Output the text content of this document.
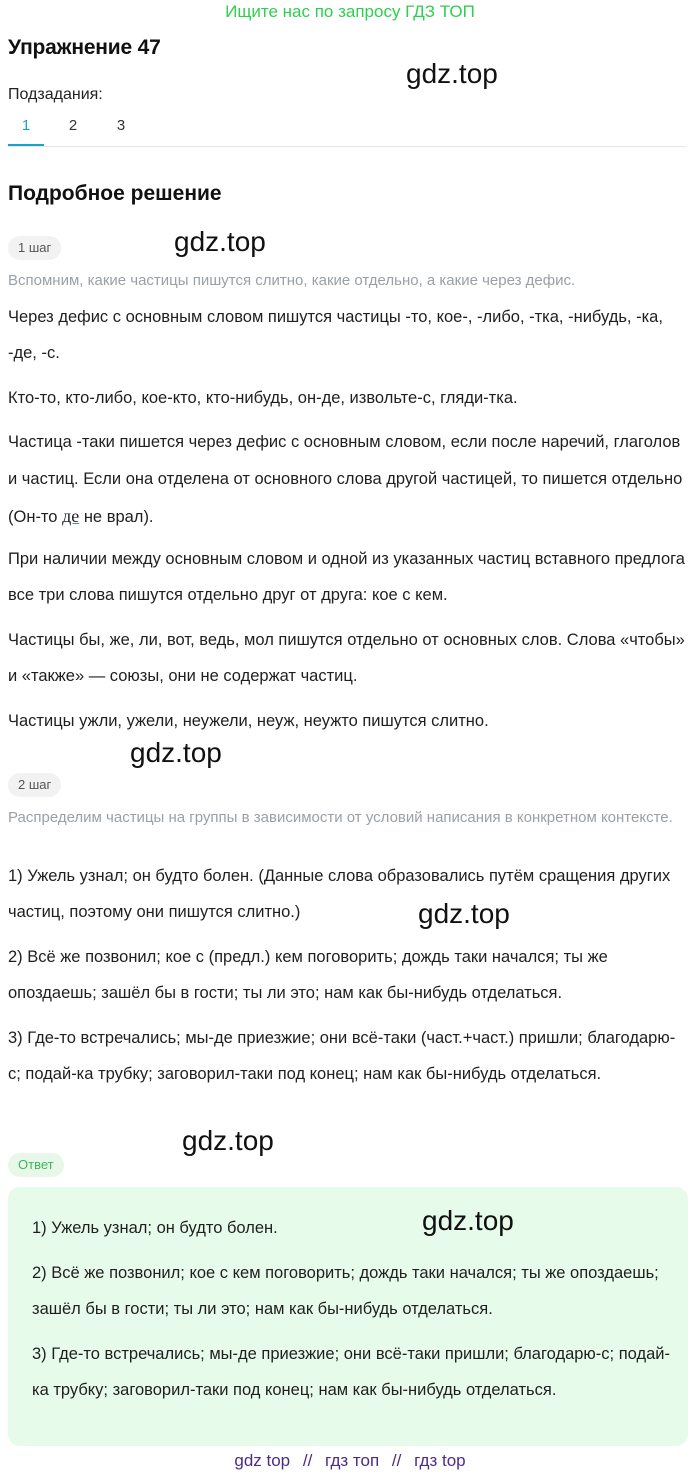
Ищите нас по запросу ГДЗ ТОП
Упражнение 47
gdz.top
Подзадания:
1	2	3
Подробное решение
1 шаг	gdz.top
Вспомним, какие частицы пишутся слитно, какие отдельно, а какие через дефис.
Через дефис с основным словом пишутся частицы -то, кое-, -либо, -тка, -нибудь, -ка, -де, -с.
Кто-то, кто-либо, кое-кто, кто-нибудь, он-де, извольте-с, гляди-тка.
Частица -таки пишется через дефис с основным словом, если после наречий, глаголов и частиц. Если она отделена от основного слова другой частицей, то пишется отдельно (Он-то де не врал).
При наличии между основным словом и одной из указанных частиц вставного предлога все три слова пишутся отдельно друг от друга: кое с кем.
Частицы бы, же, ли, вот, ведь, мол пишутся отдельно от основных слов. Слова «чтобы» и «также» — союзы, они не содержат частиц.
Частицы ужли, ужели, неужели, неуж, неужто пишутся слитно.
gdz.top
2 шаг
Распределим частицы на группы в зависимости от условий написания в конкретном контексте.
1) Ужель узнал; он будто болен. (Данные слова образовались путём сращения других частиц, поэтому они пишутся слитно.)	gdz.top
2) Всё же позвонил; кое с (предл.) кем поговорить; дождь таки начался; ты же опоздаешь; зашёл бы в гости; ты ли это; нам как бы-нибудь отделаться.
3) Где-то встречались; мы-де приезжие; они всё-таки (част.+част.) пришли; благодарю-с; подай-ка трубку; заговорил-таки под конец; нам как бы-нибудь отделаться.
gdz.top
Ответ
1) Ужель узнал; он будто болен.	gdz.top
2) Всё же позвонил; кое с кем поговорить; дождь таки начался; ты же опоздаешь; зашёл бы в гости; ты ли это; нам как бы-нибудь отделаться.
3) Где-то встречались; мы-де приезжие; они всё-таки пришли; благодарю-с; подай-ка трубку; заговорил-таки под конец; нам как бы-нибудь отделаться.
gdz top // гдз топ // гдз top
